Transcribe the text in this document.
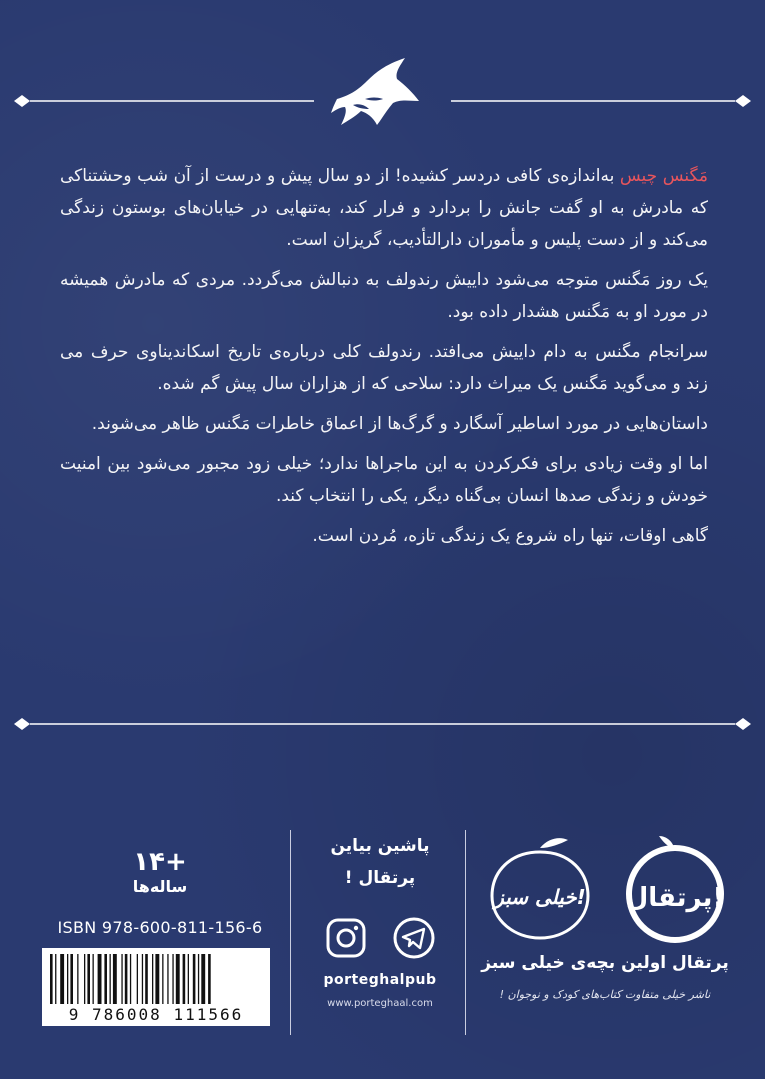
مَگنس چیس به‌اندازه‌ی کافی دردسر کشیده! از دو سال پیش و درست از آن شب وحشتناکی که مادرش به او گفت جانش را بردارد و فرار کند، به‌تنهایی در خیابان‌های بوستون زندگی می‌کند و از دست پلیس و مأموران دارالتأدیب، گریزان است.

یک روز مَگنس متوجه می‌شود داییش رندولف به دنبالش می‌گردد. مردی که مادرش همیشه در مورد او به مَگنس هشدار داده بود.

سرانجام مگنس به دام داییش می‌افتد. رندولف کلی درباره‌ی تاریخ اسکاندیناوی حرف می زند و می‌گوید مَگنس یک میراث دارد: سلاحی که از هزاران سال پیش گم شده.

داستان‌هایی در مورد اساطیر آسگارد و گرگ‌ها از اعماق خاطرات مَگنس ظاهر می‌شوند.

اما او وقت زیادی برای فکرکردن به این ماجراها ندارد؛ خیلی زود مجبور می‌شود بین امنیت خودش و زندگی صدها انسان بی‌گناه دیگر، یکی را انتخاب کند.

گاهی اوقات، تنها راه شروع یک زندگی تازه، مُردن است.

پرتقال!
خیلی سبز!
پرتقال اولین بچه‌ی خیلی سبز
ناشر خیلی متفاوت کتاب‌های کودک و نوجوان !
پاشین بیاین
پرتقال !
porteghalpub
www.porteghaal.com
+۱۴
ساله‌ها
ISBN 978-600-811-156-6
9 786008 111566
